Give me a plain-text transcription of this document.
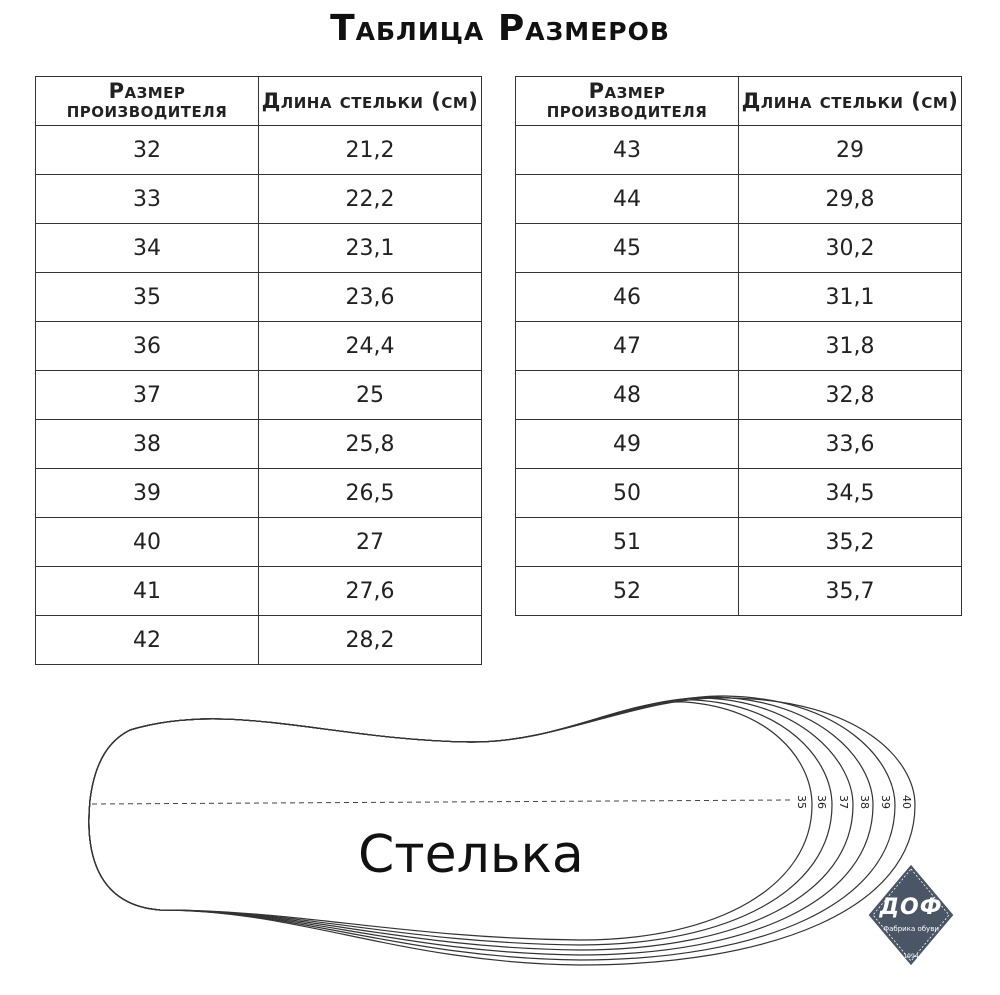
Таблица Размеров
Размер производителя	Длина стельки (см)
32	21,2
33	22,2
34	23,1
35	23,6
36	24,4
37	25
38	25,8
39	26,5
40	27
41	27,6
42	28,2
Размер производителя	Длина стельки (см)
43	29
44	29,8
45	30,2
46	31,1
47	31,8
48	32,8
49	33,6
50	34,5
51	35,2
52	35,7
35 36 37 38 39 40
Стелька
ДОФ
Фабрика обуви
1994
